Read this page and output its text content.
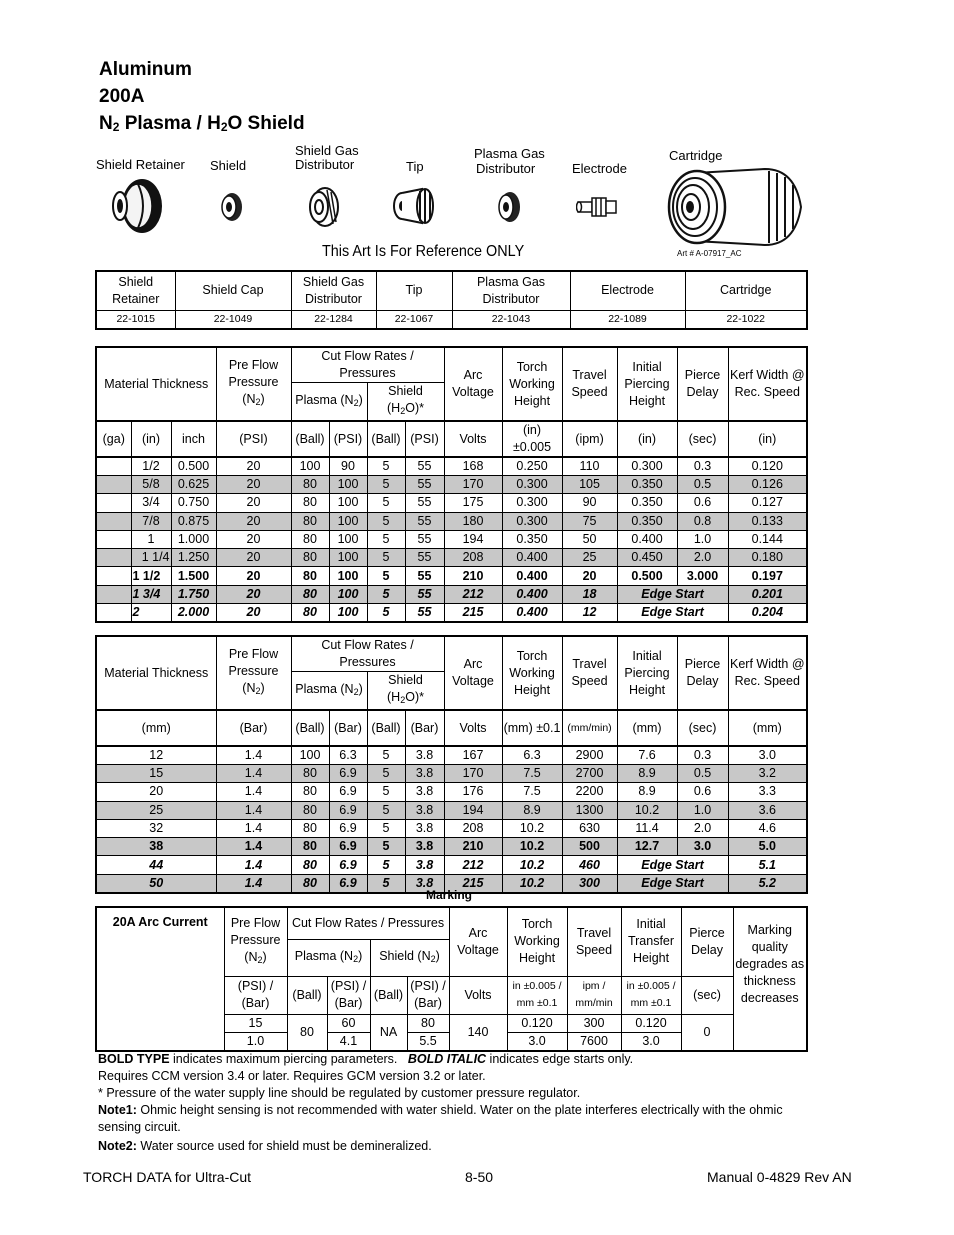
Aluminum
200A
$N_2$ Plasma / $H_2O$ Shield
Shield Retainer Shield
Shield Gas
Distributor	Tip
Plasma Gas
Distributor	Electrode
Cartridge
This Art Is For Reference ONLY	Art # A-07917_AC
Shield Retainer	Shield Cap	Shield Gas Distributor	Tip	Plasma Gas Distributor	Electrode	Cartridge
22-1015	22-1049	22-1284	22-1067	22-1043	22-1089	22-1022
Material Thickness			Pre Flow Pressure
$(N_2)$	Cut Flow Rates / Pressures				Arc Voltage	Torch Working Height	Travel Speed	Initial Piercing Height	Pierce Delay	Kerf Width @ Rec. Speed
				Plasma $(N_2)$		Shield
$(H_2O)*$							
(ga)	(in)	inch	(PSI)	(Ball)	(PSI)	(Ball)	(PSI)	Volts	(in) ±0.005	(ipm)	(in)	(sec)	(in)
	1/2	0.500	20	100	90	5	55	168	0.250	110	0.300	0.3	0.120
	5/8	0.625	20	80	100	5	55	170	0.300	105	0.350	0.5	0.126
	3/4	0.750	20	80	100	5	55	175	0.300	90	0.350	0.6	0.127
	7/8	0.875	20	80	100	5	55	180	0.300	75	0.350	0.8	0.133
	1	1.000	20	80	100	5	55	194	0.350	50	0.400	1.0	0.144
	1 1/4	1.250	20	80	100	5	55	208	0.400	25	0.450	2.0	0.180
	1 1/2	1.500	20	80	100	5	55	210	0.400	20	0.500	3.000	0.197
	1 3/4	1.750	20	80	100	5	55	212	0.400	18	Edge Start		0.201
	2	2.000	20	80	100	5	55	215	0.400	12	Edge Start		0.204
Material Thickness	Pre Flow Pressure
$(N_2)$	Cut Flow Rates / Pressures				Arc Voltage	Torch Working Height	Travel Speed	Initial Piercing Height	Pierce Delay	Kerf Width @ Rec. Speed
		Plasma $(N_2)$		Shield
$(H_2O)*$							
(mm)	(Bar)	(Ball)	(Bar)	(Ball)	(Bar)	Volts	(mm) ±0.1	(mm/min)	(mm)	(sec)	(mm)
12	1.4	100	6.3	5	3.8	167	6.3	2900	7.6	0.3	3.0
15	1.4	80	6.9	5	3.8	170	7.5	2700	8.9	0.5	3.2
20	1.4	80	6.9	5	3.8	176	7.5	2200	8.9	0.6	3.3
25	1.4	80	6.9	5	3.8	194	8.9	1300	10.2	1.0	3.6
32	1.4	80	6.9	5	3.8	208	10.2	630	11.4	2.0	4.6
38	1.4	80	6.9	5	3.8	210	10.2	500	12.7	3.0	5.0
44	1.4	80	6.9	5	3.8	212	10.2	460	Edge Start		5.1
50	1.4	80	6.9	5	3.8	215	10.2	300	Edge Start		5.2
Marking
20A Arc Current	Pre Flow Pressure
$(N_2)$	Cut Flow Rates / Pressures				Arc Voltage	Torch Working Height	Travel Speed	Initial Transfer Height	Pierce Delay	Marking quality degrades as thickness decreases
		Plasma $(N_2)$		Shield $(N_2)$							
	(PSI) / (Bar)	(Ball)	(PSI) / (Bar)	(Ball)	(PSI) / (Bar)	Volts	in ±0.005 / mm ±0.1	ipm / mm/min	in ±0.005 / mm ±0.1	(sec)	
	15	80	60	NA	80	140	0.120	300	0.120	0	
	1.0		4.1		5.5		3.0	7600	3.0		

BOLD TYPE indicates maximum piercing parameters. BOLD ITALIC indicates edge starts only.

Requires CCM version 3.4 or later. Requires GCM version 3.2 or later.

* Pressure of the water supply line should be regulated by customer pressure regulator.

Note1: Ohmic height sensing is not recommended with water shield. Water on the plate interferes electrically with the ohmic sensing circuit.

Note2: Water source used for shield must be demineralized.

TORCH DATA for Ultra-Cut	8-50	Manual 0-4829 Rev AN
